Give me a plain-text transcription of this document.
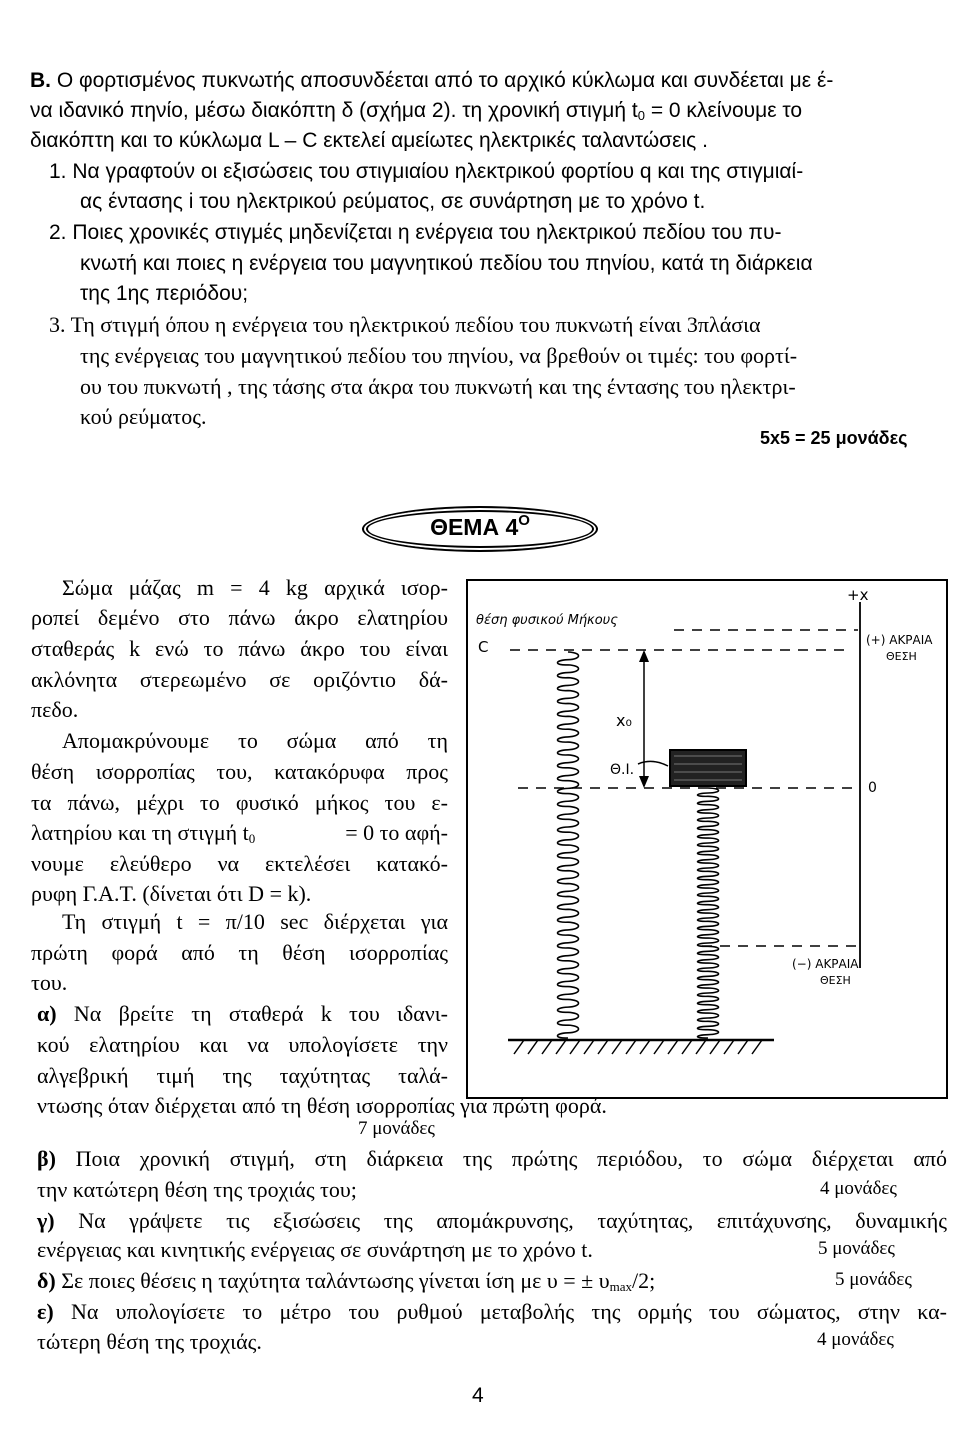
Β. Ο φορτισμένος πυκνωτής αποσυνδέεται από το αρχικό κύκλωμα και συνδέεται με έ-
να ιδανικό πηνίο, μέσω διακόπτη δ (σχήμα 2). τη χρονική στιγμή $t_0 = 0$ κλείνουμε το
διακόπτη και το κύκλωμα L – C εκτελεί αμείωτες ηλεκτρικές ταλαντώσεις .
1. Να γραφτούν οι εξισώσεις του στιγμιαίου ηλεκτρικού φορτίου q και της στιγμιαί-
ας έντασης i του ηλεκτρικού ρεύματος, σε συνάρτηση με το χρόνο t.
2. Ποιες χρονικές στιγμές μηδενίζεται η ενέργεια του ηλεκτρικού πεδίου του πυ-
κνωτή και ποιες η ενέργεια του μαγνητικού πεδίου του πηνίου, κατά τη διάρκεια
της 1ης περιόδου;
3. Τη στιγμή όπου η ενέργεια του ηλεκτρικού πεδίου του πυκνωτή είναι 3πλάσια
της ενέργειας του μαγνητικού πεδίου του πηνίου, να βρεθούν οι τιμές: του φορτί-
ου του πυκνωτή , της τάσης στα άκρα του πυκνωτή και της έντασης του ηλεκτρι-
κού ρεύματος.
5x5 = 25 μονάδες
ΘΕΜΑ $4^O$
Σώμα μάζας m = 4 kg αρχικά ισορ-
ροπεί δεμένο στο πάνω άκρο ελατηρίου
σταθεράς k ενώ το πάνω άκρο του είναι
ακλόνητα στερεωμένο σε οριζόντιο δά-
πεδο.
Απομακρύνουμε το σώμα από τη
θέση ισορροπίας του, κατακόρυφα προς
τα πάνω, μέχρι το φυσικό μήκος του ε-
λατηρίου και τη στιγμή $t_0$	= 0 το αφή-
νουμε ελεύθερο να εκτελέσει κατακό-
ρυφη Γ.Α.Τ. (δίνεται ότι D = k).
Τη στιγμή t = π/10 sec διέρχεται για
πρώτη φορά από τη θέση ισορροπίας
του.
α) Να βρείτε τη σταθερά k του ιδανι-
κού ελατηρίου και να υπολογίσετε την
αλγεβρική τιμή της ταχύτητας ταλά-
ντωσης όταν διέρχεται από τη θέση ισορροπίας για πρώτη φορά.
7 μονάδες
β) Ποια χρονική στιγμή, στη διάρκεια της πρώτης περιόδου, το σώμα διέρχεται από
την κατώτερη θέση της τροχιάς του;	4 μονάδες
γ) Να γράψετε τις εξισώσεις της απομάκρυνσης, ταχύτητας, επιτάχυνσης, δυναμικής
ενέργειας και κινητικής ενέργειας σε συνάρτηση με το χρόνο t.	5 μονάδες
δ) Σε ποιες θέσεις η ταχύτητα ταλάντωσης γίνεται ίση με υ = ± $\upsilon_{max}/2$;	5 μονάδες
ε) Να υπολογίσετε το μέτρο του ρυθμού μεταβολής της ορμής του σώματος, στην κα-
τώτερη θέση της τροχιάς.	4 μονάδες
4
θέση φυσικού Μήκους
C
+x
(+) ΑΚΡΑΙΑ
ΘΕΣΗ
0
(−) ΑΚΡΑΙΑ
ΘΕΣΗ
x₀
Θ.Ι.
